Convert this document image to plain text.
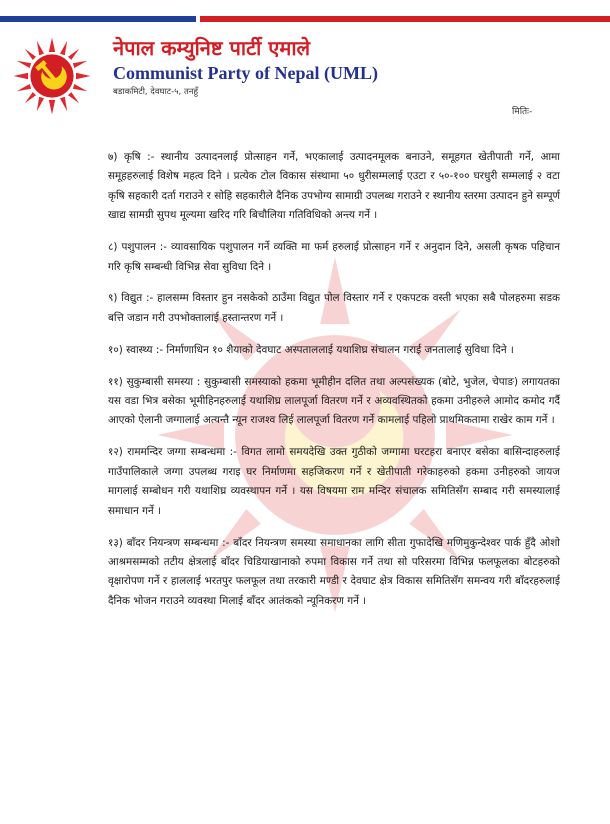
नेपाल कम्युनिष्ट पार्टी एमाले
Communist Party of Nepal (UML)
बडाकमिटी, देवघाट-५, तनहुँ
मितिः-

७) कृषि :- स्थानीय उत्पादनलाई प्रोत्साहन गर्ने, भएकालाई उत्पादनमूलक बनाउने, समूहगत खेतीपाती गर्ने, आमा समूहहरुलाई विशेष महत्व दिने । प्रत्येक टोल विकास संस्थामा ५० धुरीसम्मलाई एउटा र ५०-१०० घरधुरी सम्मलाई २ वटा कृषि सहकारी दर्ता गराउने र सोहि सहकारीले दैनिक उपभोग्य सामाग्री उपलब्ध गराउने र स्थानीय स्तरमा उत्पादन हुने सम्पूर्ण खाद्य सामग्री सुपथ मूल्यमा खरिद गरि बिचौलिया गतिविधिको अन्त्य गर्ने ।

८) पशुपालन :- व्यावसायिक पशुपालन गर्ने व्यक्ति मा फर्म हरुलाई प्रोत्साहन गर्ने र अनुदान दिने, असली कृषक पहिचान गरि कृषि सम्बन्धी विभिन्न सेवा सुविधा दिने ।

९) विद्युत :- हालसम्म विस्तार हुन नसकेको ठाउँमा विद्युत पोल विस्तार गर्ने र एकपटक वस्ती भएका सबै पोलहरुमा सडक बत्ति जडान गरी उपभोक्तालाई हस्तान्तरण गर्ने ।

१०) स्वास्थ्य :- निर्माणाधिन १० शैयाको देवघाट अस्पताललाई यथाशिघ्र संचालन गराई जनतालाई सुविधा दिने ।

११) सुकुम्बासी समस्या : सुकुम्बासी समस्याको हकमा भूमीहीन दलित तथा अल्पसंख्यक (बोटे, भुजेल, चेपाङ) लगायतका यस वडा भित्र बसेका भूमीहिनहरुलाई यथाशिघ्र लालपूर्जा वितरण गर्ने र अव्यवस्थितको हकमा उनीहरुले आमोद कमोद गर्दै आएको ऐलानी जग्गालाई अत्यन्तै न्यून राजश्व लिई लालपूर्जा वितरण गर्ने कामलाई पहिलो प्राथमिकतामा राखेर काम गर्ने ।

१२) राममन्दिर जग्गा सम्बन्धमा :- विगत लामो समयदेखि उक्त गुठीको जग्गामा घरटहरा बनाएर बसेका बासिन्दाहरुलाई गाउँपालिकाले जग्गा उपलब्ध गराइ घर निर्माणमा सहजिकरण गर्ने र खेतीपाती गरेकाहरुको हकमा उनीहरुको जायज मागलाई सम्बोधन गरी यथाशिघ्र व्यवस्थापन गर्ने । यस विषयमा राम मन्दिर संचालक समितिसँग सम्बाद गरी समस्यालाई समाधान गर्ने ।

१३) बाँदर नियन्त्रण सम्बन्धमा :- बाँदर नियन्त्रण समस्या समाधानका लागि सीता गुफादेखि मणिमुकुन्देश्वर पार्क हुँदै ओशो आश्रमसम्मको तटीय क्षेत्रलाई बाँदर चिडियाखानाको रुपमा विकास गर्ने तथा सो परिसरमा विभिन्न फलफूलका बोटहरुको वृक्षारोपण गर्ने र हाललाई भरतपुर फलफूल तथा तरकारी मण्डी र देवघाट क्षेत्र विकास समितिसँग समन्वय गरी बाँदरहरुलाई दैनिक भोजन गराउने व्यवस्था मिलाई बाँदर आतंकको न्यूनिकरण गर्ने ।
